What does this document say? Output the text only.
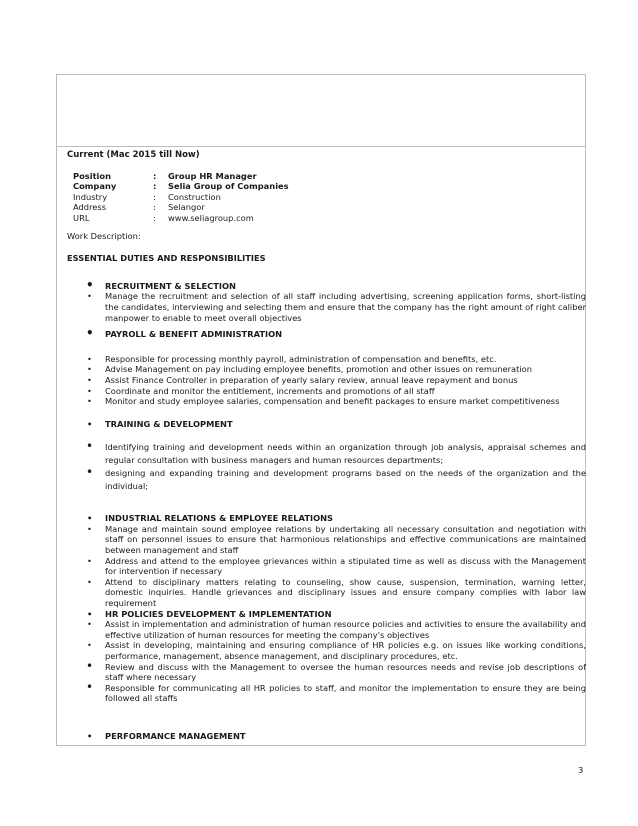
Current (Mac 2015 till Now)
Position	:	Group HR Manager
Company	:	Selia Group of Companies
Industry	:	Construction
Address	:	Selangor
URL	:	www.seliagroup.com
Work Description:
ESSENTIAL DUTIES AND RESPONSIBILITIES
• RECRUITMENT & SELECTION
• Manage the recruitment and selection of all staff including advertising, screening application forms, short-listing the candidates, interviewing and selecting them and ensure that the company has the right amount of right caliber manpower to enable to meet overall objectives
• PAYROLL & BENEFIT ADMINISTRATION
• Responsible for processing monthly payroll, administration of compensation and benefits, etc.
• Advise Management on pay including employee benefits, promotion and other issues on remuneration
• Assist Finance Controller in preparation of yearly salary review, annual leave repayment and bonus
• Coordinate and monitor the entitlement, increments and promotions of all staff
• Monitor and study employee salaries, compensation and benefit packages to ensure market competitiveness
• TRAINING & DEVELOPMENT
• Identifying training and development needs within an organization through job analysis, appraisal schemes and regular consultation with business managers and human resources departments;
• designing and expanding training and development programs based on the needs of the organization and the individual;
• INDUSTRIAL RELATIONS & EMPLOYEE RELATIONS
• Manage and maintain sound employee relations by undertaking all necessary consultation and negotiation with staff on personnel issues to ensure that harmonious relationships and effective communications are maintained between management and staff
• Address and attend to the employee grievances within a stipulated time as well as discuss with the Management for intervention if necessary
• Attend to disciplinary matters relating to counseling, show cause, suspension, termination, warning letter, domestic inquiries. Handle grievances and disciplinary issues and ensure company complies with labor law requirement
• HR POLICIES DEVELOPMENT & IMPLEMENTATION
• Assist in implementation and administration of human resource policies and activities to ensure the availability and effective utilization of human resources for meeting the company's objectives
• Assist in developing, maintaining and ensuring compliance of HR policies e.g. on issues like working conditions, performance, management, absence management, and disciplinary procedures, etc.
• Review and discuss with the Management to oversee the human resources needs and revise job descriptions of staff where necessary
• Responsible for communicating all HR policies to staff, and monitor the implementation to ensure they are being followed all staffs
• PERFORMANCE MANAGEMENT
3
